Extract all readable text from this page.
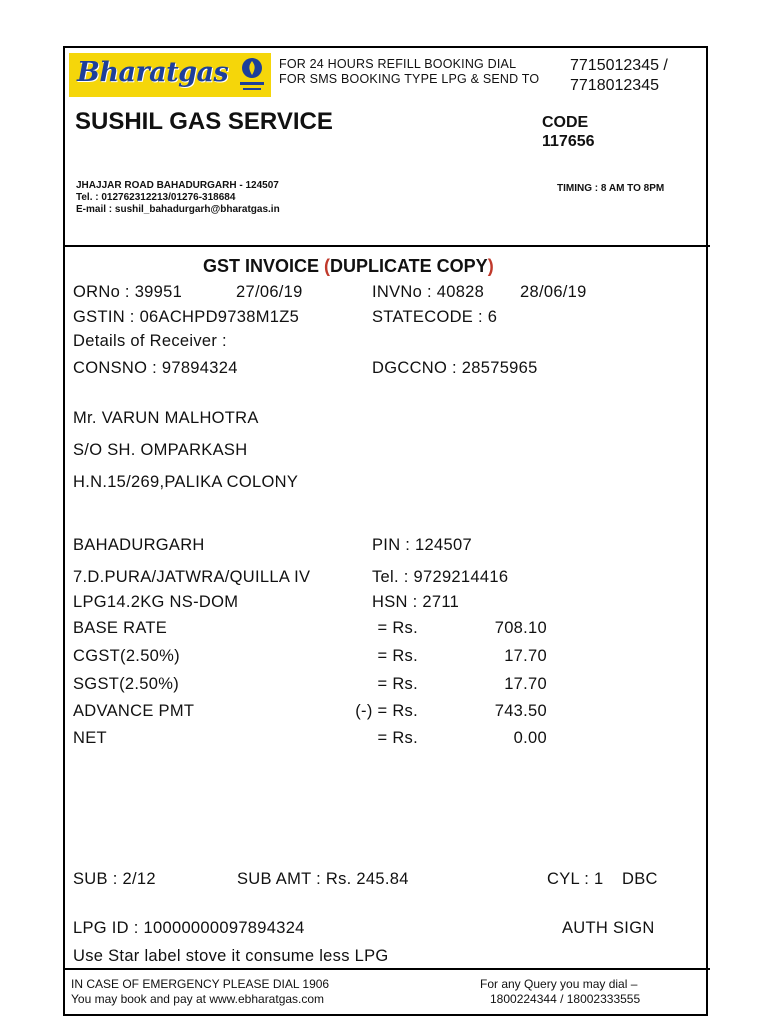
Bharatgas	FOR 24 HOURS REFILL BOOKING DIAL
FOR SMS BOOKING TYPE LPG & SEND TO
7715012345 /
7718012345
SUSHIL GAS SERVICE	CODE
117656
JHAJJAR ROAD BAHADURGARH - 124507
Tel. : 012762312213/01276-318684
E-mail : sushil_bahadurgarh@bharatgas.in
TIMING : 8 AM TO 8PM
GST INVOICE (DUPLICATE COPY)
ORNo : 39951	27/06/19	INVNo : 40828 28/06/19
GSTIN : 06ACHPD9738M1Z5	STATECODE : 6
Details of Receiver :
CONSNO : 97894324	DGCCNO : 28575965
Mr. VARUN MALHOTRA
S/O SH. OMPARKASH
H.N.15/269,PALIKA COLONY
BAHADURGARH	PIN : 124507
7.D.PURA/JATWRA/QUILLA IV	Tel. : 9729214416
LPG14.2KG NS-DOM	HSN : 2711
BASE RATE	= Rs.	708.10
CGST(2.50%)	= Rs.	17.70
SGST(2.50%)	= Rs.	17.70
ADVANCE PMT	(-) = Rs.	743.50
NET	= Rs.	0.00
SUB : 2/12	SUB AMT : Rs. 245.84	CYL : 1 DBC
LPG ID : 10000000097894324	AUTH SIGN
Use Star label stove it consume less LPG
IN CASE OF EMERGENCY PLEASE DIAL 1906
You may book and pay at www.ebharatgas.com
For any Query you may dial –
1800224344 / 18002333555
